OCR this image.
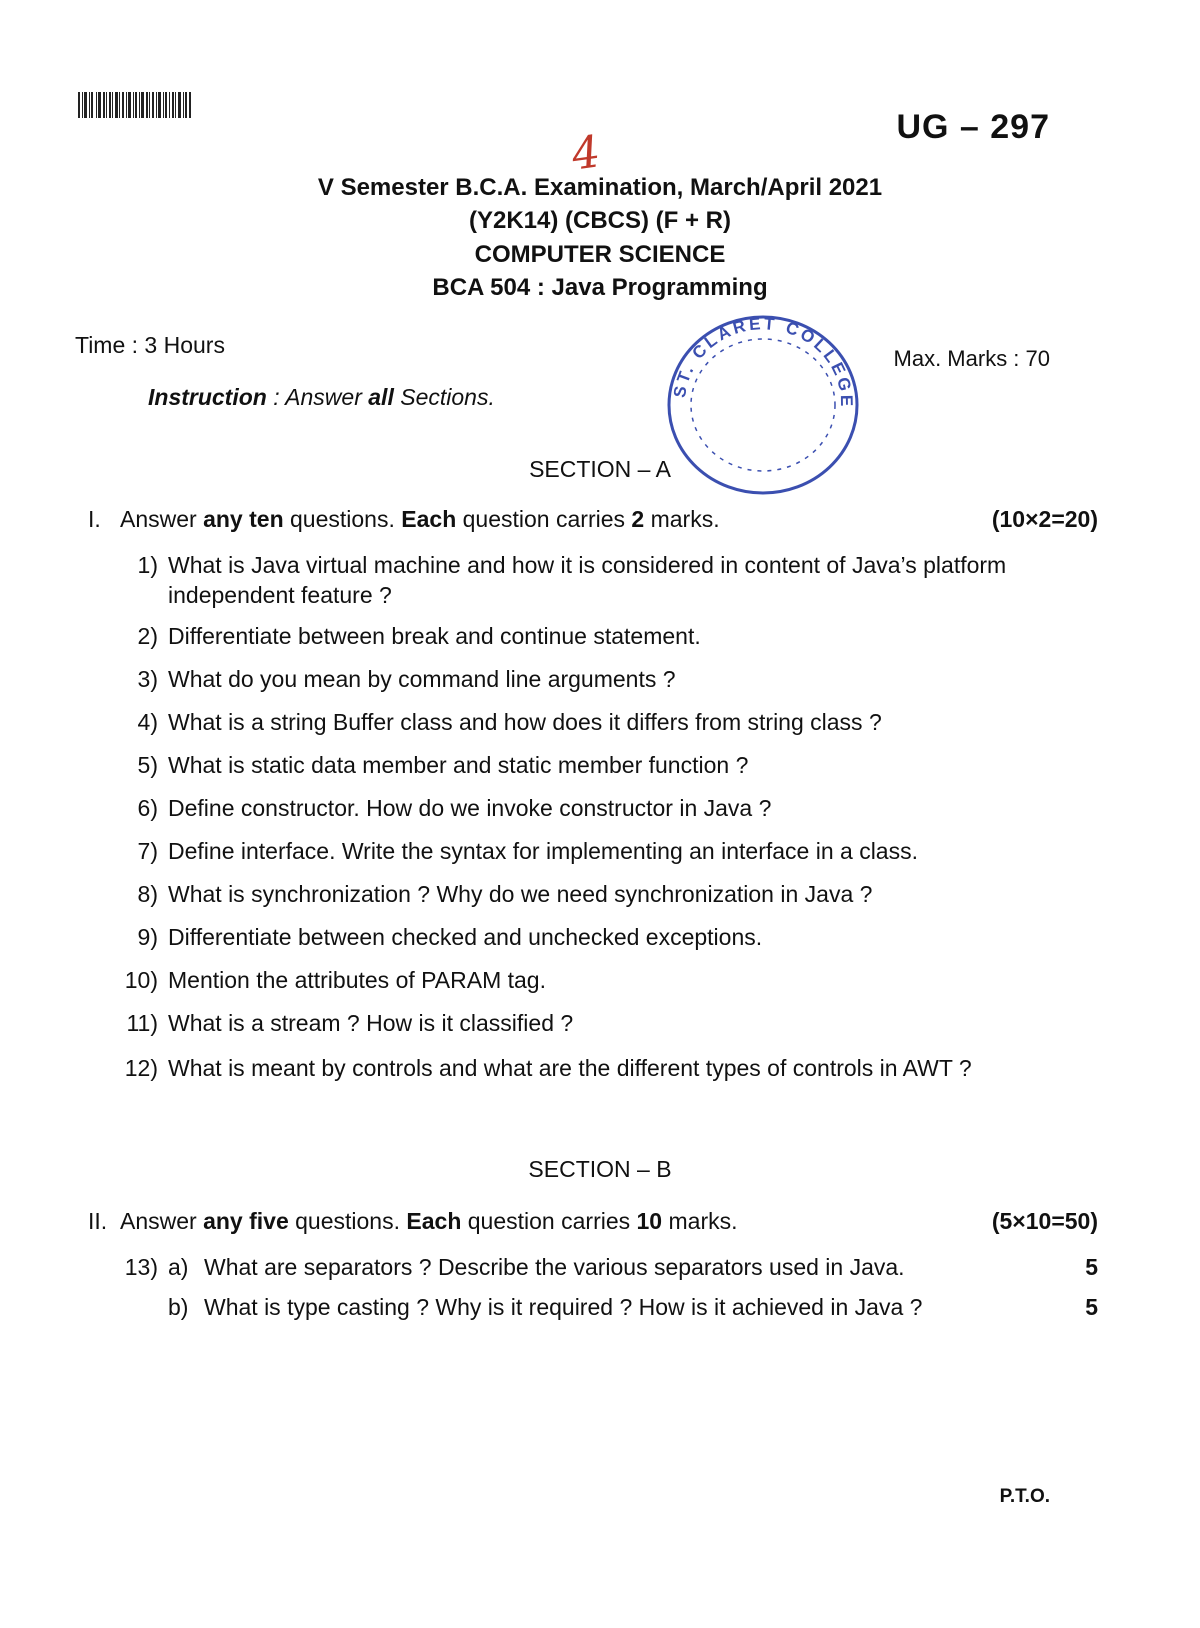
UG – 297
4
V Semester B.C.A. Examination, March/April 2021
(Y2K14) (CBCS) (F + R)
COMPUTER SCIENCE
BCA 504 : Java Programming
ST. CLARET COLLEGE
Time : 3 Hours
Max. Marks : 70
Instruction : Answer all Sections.
SECTION – A
I. Answer any ten questions. Each question carries 2 marks.	(10×2=20)
1) What is Java virtual machine and how it is considered in content of Java’s platform independent feature ?
2) Differentiate between break and continue statement.
3) What do you mean by command line arguments ?
4) What is a string Buffer class and how does it differs from string class ?
5) What is static data member and static member function ?
6) Define constructor. How do we invoke constructor in Java ?
7) Define interface. Write the syntax for implementing an interface in a class.
8) What is synchronization ? Why do we need synchronization in Java ?
9) Differentiate between checked and unchecked exceptions.
10) Mention the attributes of PARAM tag.
11) What is a stream ? How is it classified ?
12) What is meant by controls and what are the different types of controls in AWT ?
SECTION – B
II. Answer any five questions. Each question carries 10 marks.	(5×10=50)
13) a) What are separators ? Describe the various separators used in Java.	5
b) What is type casting ? Why is it required ? How is it achieved in Java ?	5
P.T.O.
